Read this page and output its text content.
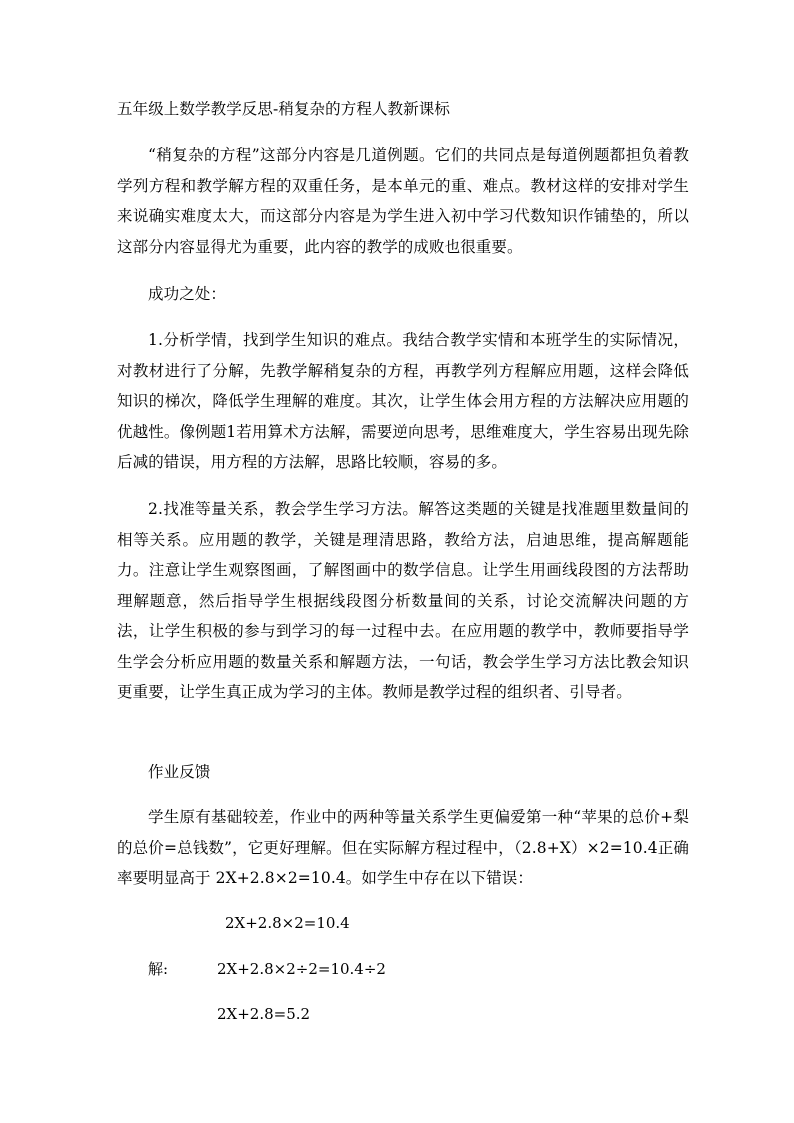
五年级上数学教学反思-稍复杂的方程人教新课标

“稍复杂的方程”这部分内容是几道例题。它们的共同点是每道例题都担负着教学列方程和教学解方程的双重任务，是本单元的重、难点。教材这样的安排对学生来说确实难度太大，而这部分内容是为学生进入初中学习代数知识作铺垫的，所以这部分内容显得尤为重要，此内容的教学的成败也很重要。

成功之处：

1.分析学情，找到学生知识的难点。我结合教学实情和本班学生的实际情况，对教材进行了分解，先教学解稍复杂的方程，再教学列方程解应用题，这样会降低知识的梯次，降低学生理解的难度。其次，让学生体会用方程的方法解决应用题的优越性。像例题1若用算术方法解，需要逆向思考，思维难度大，学生容易出现先除后减的错误，用方程的方法解，思路比较顺，容易的多。

2.找准等量关系，教会学生学习方法。解答这类题的关键是找准题里数量间的相等关系。应用题的教学，关键是理清思路，教给方法，启迪思维，提高解题能力。注意让学生观察图画，了解图画中的数学信息。让学生用画线段图的方法帮助理解题意，然后指导学生根据线段图分析数量间的关系，讨论交流解决问题的方法，让学生积极的参与到学习的每一过程中去。在应用题的教学中，教师要指导学生学会分析应用题的数量关系和解题方法，一句话，教会学生学习方法比教会知识更重要，让学生真正成为学习的主体。教师是教学过程的组织者、引导者。

作业反馈

学生原有基础较差，作业中的两种等量关系学生更偏爱第一种“苹果的总价+梨的总价=总钱数”，它更好理解。但在实际解方程过程中，（2.8+X）×2=10.4正确率要明显高于 2X+2.8×2=10.4。如学生中存在以下错误：

2X+2.8×2=10.4
解:	2X+2.8×2÷2=10.4÷2
2X+2.8=5.2
